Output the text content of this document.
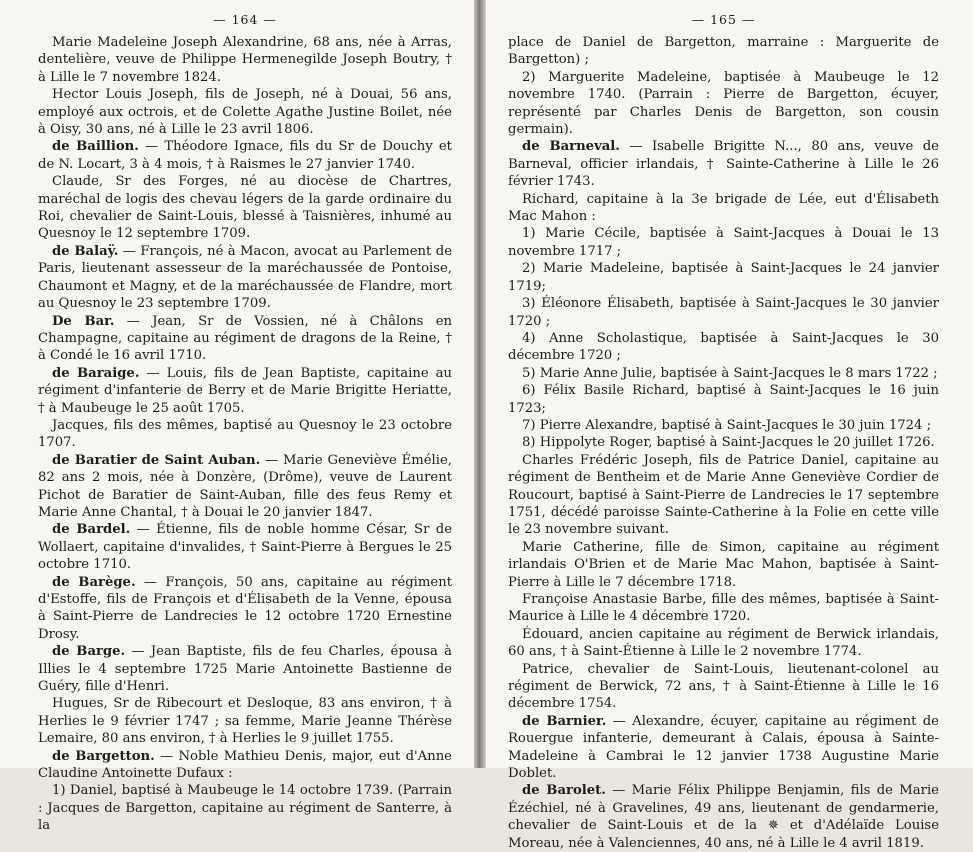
— 164 —

Marie Madeleine Joseph Alexandrine, 68 ans, née à Arras, dentelière, veuve de Philippe Hermenegilde Joseph Boutry, † à Lille le 7 novembre 1824.

Hector Louis Joseph, fils de Joseph, né à Douai, 56 ans, employé aux octrois, et de Colette Agathe Justine Boilet, née à Oisy, 30 ans, né à Lille le 23 avril 1806.

de Baillion. — Théodore Ignace, fils du Sr de Douchy et de N. Locart, 3 à 4 mois, † à Raismes le 27 janvier 1740.

Claude, Sr des Forges, né au diocèse de Chartres, maréchal de logis des chevau légers de la garde ordinaire du Roi, chevalier de Saint-Louis, blessé à Taisnières, inhumé au Quesnoy le 12 septembre 1709.

de Balaÿ. — François, né à Macon, avocat au Parlement de Paris, lieutenant assesseur de la maréchaussée de Pontoise, Chaumont et Magny, et de la maréchaussée de Flandre, mort au Quesnoy le 23 septembre 1709.

De Bar. — Jean, Sr de Vossien, né à Châlons en Champagne, capitaine au régiment de dragons de la Reine, † à Condé le 16 avril 1710.

de Baraige. — Louis, fils de Jean Baptiste, capitaine au régiment d'infanterie de Berry et de Marie Brigitte Heriatte, † à Maubeuge le 25 août 1705.

Jacques, fils des mêmes, baptisé au Quesnoy le 23 octobre 1707.

de Baratier de Saint Auban. — Marie Geneviève Émélie, 82 ans 2 mois, née à Donzère, (Drôme), veuve de Laurent Pichot de Baratier de Saint-Auban, fille des feus Remy et Marie Anne Chantal, † à Douai le 20 janvier 1847.

de Bardel. — Étienne, fils de noble homme César, Sr de Wollaert, capitaine d'invalides, † Saint-Pierre à Bergues le 25 octobre 1710.

de Barège. — François, 50 ans, capitaine au régiment d'Estoffe, fils de François et d'Élisabeth de la Venne, épousa à Saint-Pierre de Landrecies le 12 octobre 1720 Ernestine Drosy.

de Barge. — Jean Baptiste, fils de feu Charles, épousa à Illies le 4 septembre 1725 Marie Antoinette Bastienne de Guéry, fille d'Henri.

Hugues, Sr de Ribecourt et Desloque, 83 ans environ, † à Herlies le 9 février 1747 ; sa femme, Marie Jeanne Thérèse Lemaire, 80 ans environ, † à Herlies le 9 juillet 1755.

de Bargetton. — Noble Mathieu Denis, major, eut d'Anne Claudine Antoinette Dufaux :

1) Daniel, baptisé à Maubeuge le 14 octobre 1739. (Parrain : Jacques de Bargetton, capitaine au régiment de Santerre, à la

— 165 —

place de Daniel de Bargetton, marraine : Marguerite de Bargetton) ;

2) Marguerite Madeleine, baptisée à Maubeuge le 12 novembre 1740. (Parrain : Pierre de Bargetton, écuyer, représenté par Charles Denis de Bargetton, son cousin germain).

de Barneval. — Isabelle Brigitte N..., 80 ans, veuve de Barneval, officier irlandais, † Sainte-Catherine à Lille le 26 février 1743.

Richard, capitaine à la 3e brigade de Lée, eut d'Élisabeth Mac Mahon :

1) Marie Cécile, baptisée à Saint-Jacques à Douai le 13 novembre 1717 ;

2) Marie Madeleine, baptisée à Saint-Jacques le 24 janvier 1719;

3) Éléonore Élisabeth, baptisée à Saint-Jacques le 30 janvier 1720 ;

4) Anne Scholastique, baptisée à Saint-Jacques le 30 décembre 1720 ;

5) Marie Anne Julie, baptisée à Saint-Jacques le 8 mars 1722 ;

6) Félix Basile Richard, baptisé à Saint-Jacques le 16 juin 1723;

7) Pierre Alexandre, baptisé à Saint-Jacques le 30 juin 1724 ;

8) Hippolyte Roger, baptisé à Saint-Jacques le 20 juillet 1726.

Charles Frédéric Joseph, fils de Patrice Daniel, capitaine au régiment de Bentheim et de Marie Anne Geneviève Cordier de Roucourt, baptisé à Saint-Pierre de Landrecies le 17 septembre 1751, décédé paroisse Sainte-Catherine à la Folie en cette ville le 23 novembre suivant.

Marie Catherine, fille de Simon, capitaine au régiment irlandais O'Brien et de Marie Mac Mahon, baptisée à Saint-Pierre à Lille le 7 décembre 1718.

Françoise Anastasie Barbe, fille des mêmes, baptisée à Saint-Maurice à Lille le 4 décembre 1720.

Édouard, ancien capitaine au régiment de Berwick irlandais, 60 ans, † à Saint-Étienne à Lille le 2 novembre 1774.

Patrice, chevalier de Saint-Louis, lieutenant-colonel au régiment de Berwick, 72 ans, † à Saint-Étienne à Lille le 16 décembre 1754.

de Barnier. — Alexandre, écuyer, capitaine au régiment de Rouergue infanterie, demeurant à Calais, épousa à Sainte-Madeleine à Cambrai le 12 janvier 1738 Augustine Marie Doblet.

de Barolet. — Marie Félix Philippe Benjamin, fils de Marie Ézéchiel, né à Gravelines, 49 ans, lieutenant de gendarmerie, chevalier de Saint-Louis et de la ✵ et d'Adélaïde Louise Moreau, née à Valenciennes, 40 ans, né à Lille le 4 avril 1819.
